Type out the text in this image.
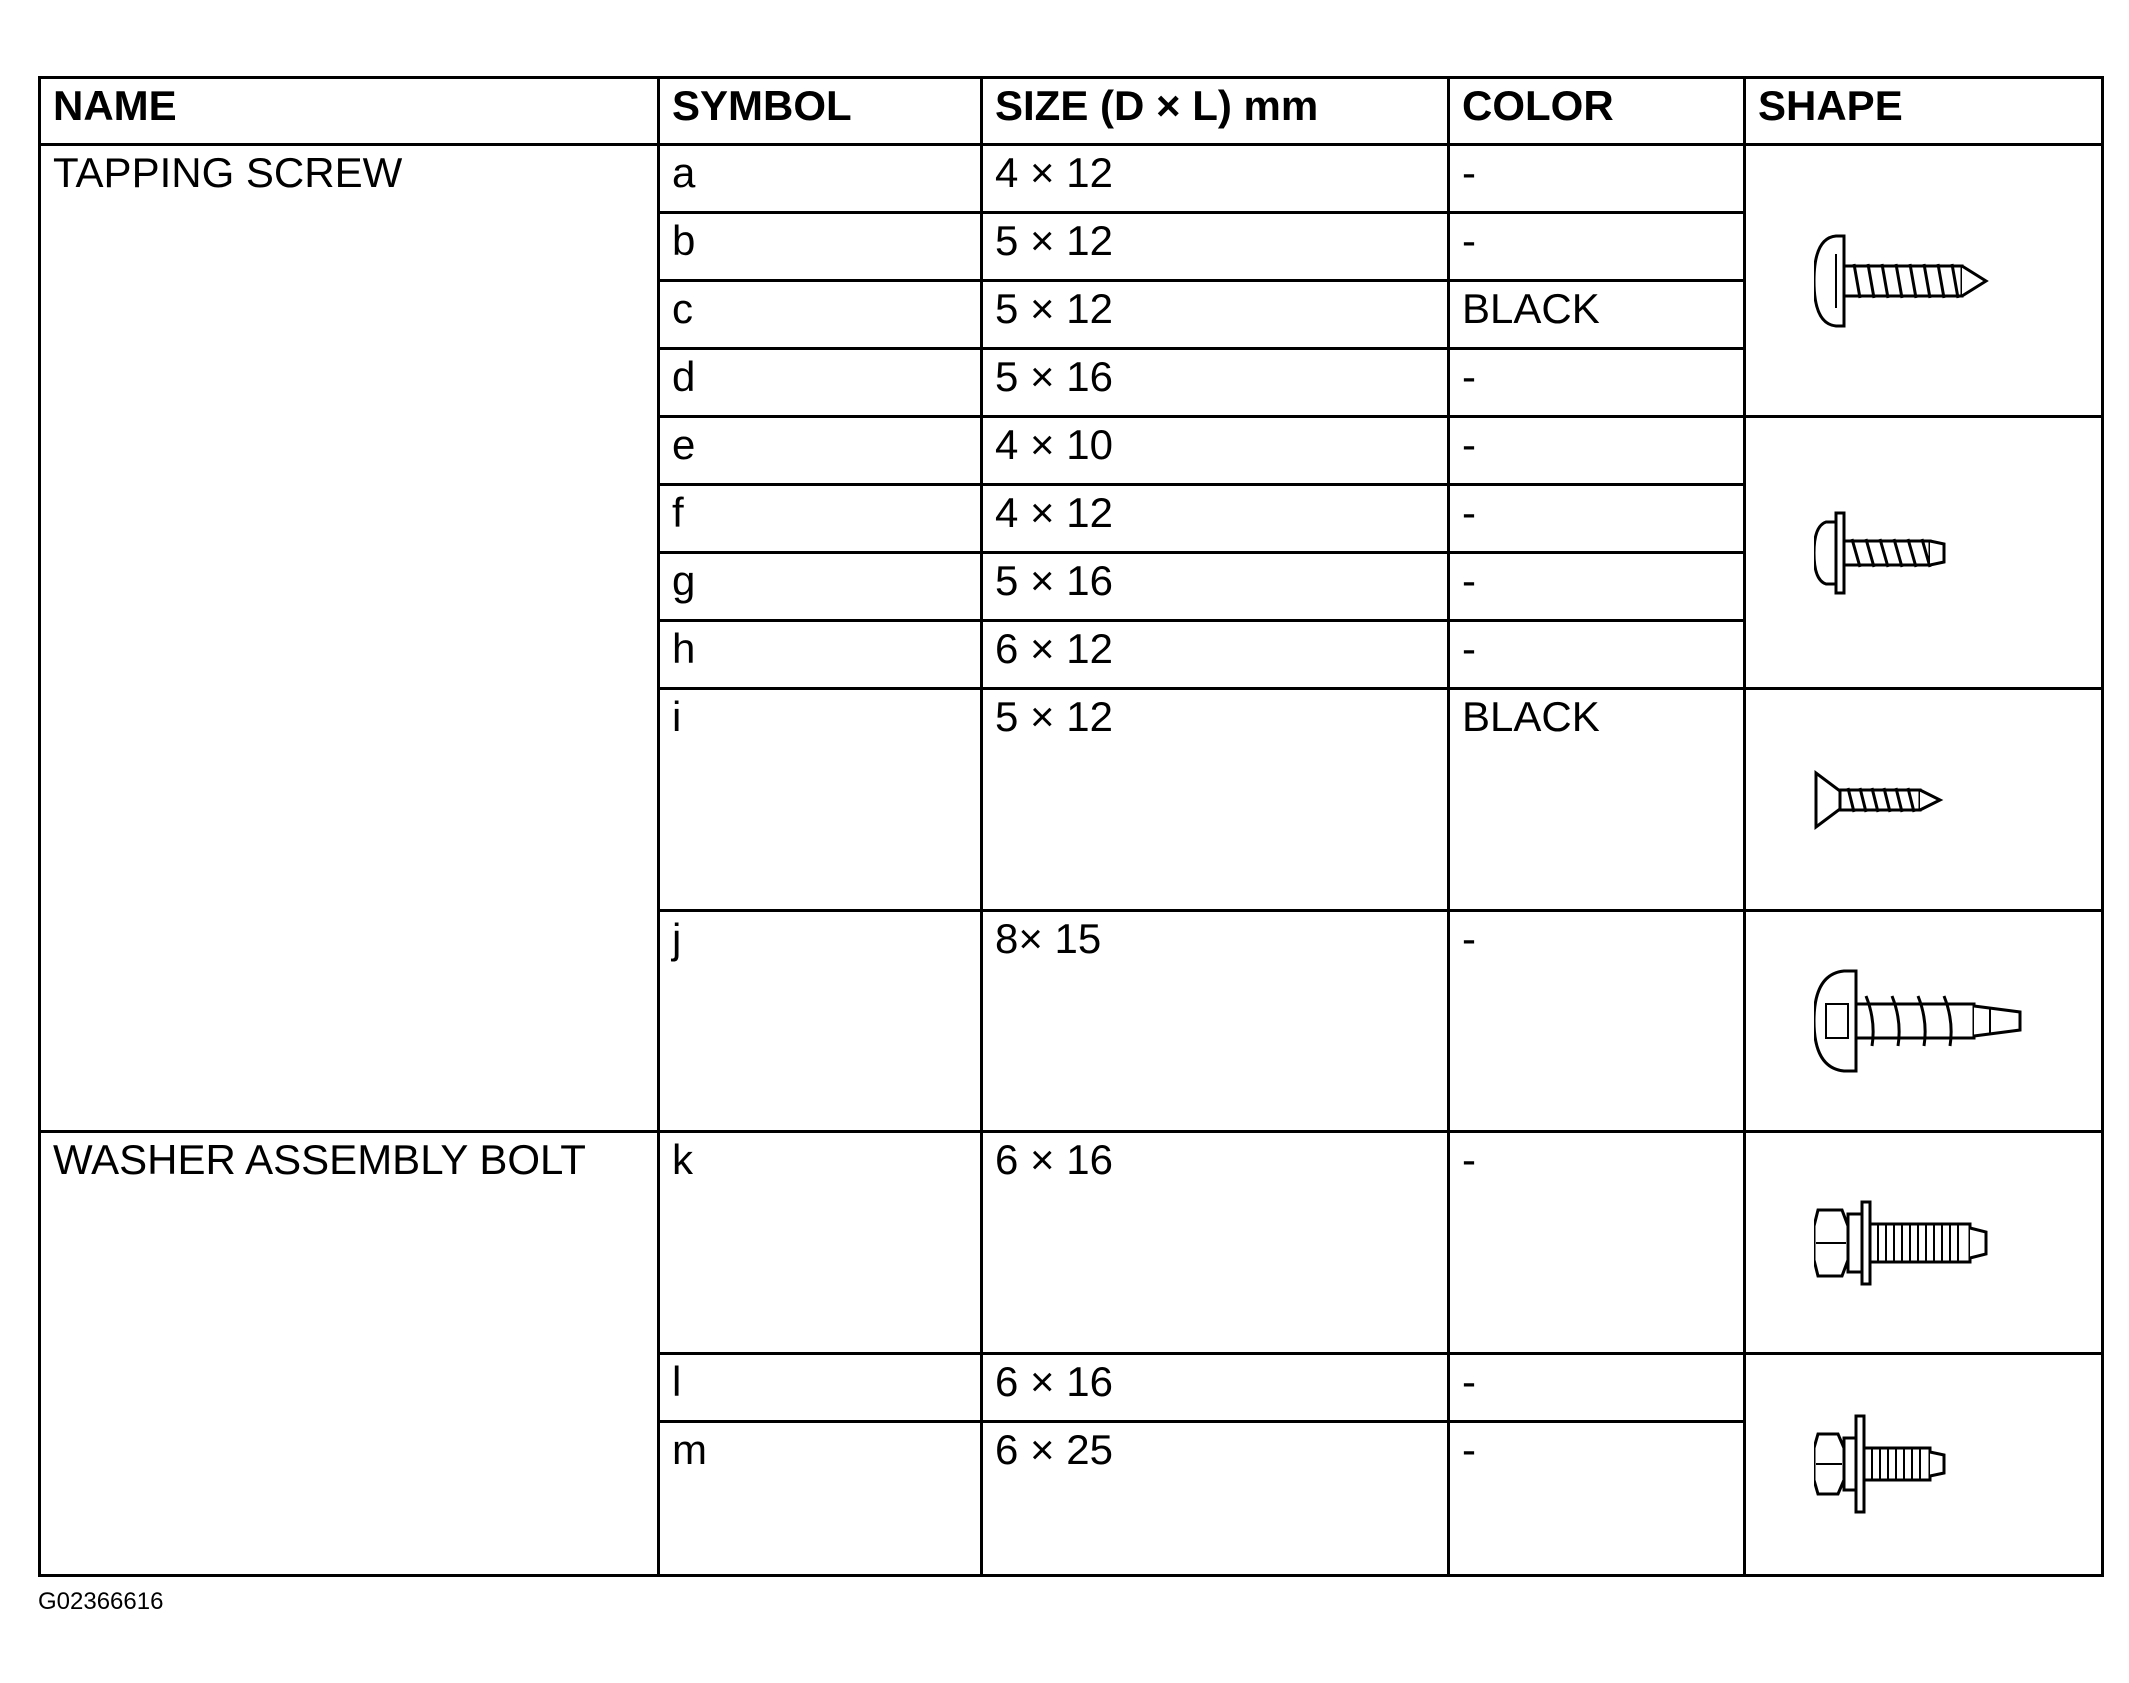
NAME	SYMBOL	SIZE (D × L) mm	COLOR	SHAPE
TAPPING SCREW	a	4 × 12	-	

	b	5 × 12	-	
	c	5 × 12	BLACK	
	d	5 × 16	-	
	e	4 × 10	-	

	f	4 × 12	-	
	g	5 × 16	-	
	h	6 × 12	-	
	i	5 × 12	BLACK	

	j	8× 15	-	

WASHER ASSEMBLY BOLT	k	6 × 16	-	

	l	6 × 16	-	

	m	6 × 25	-	
G02366616
